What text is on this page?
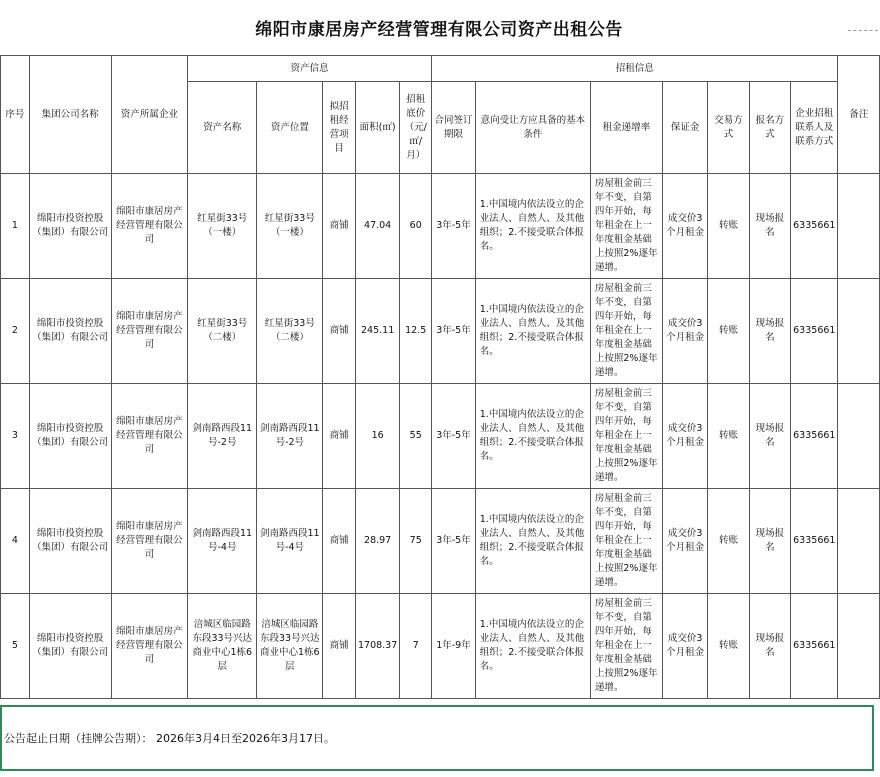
绵阳市康居房产经营管理有限公司资产出租公告
序号	集团公司名称	资产所属企业	资产信息					招租信息							备注
			资产名称	资产位置	拟招租经营项目	面积(㎡)	招租底价（元/㎡/月）	合同签订期限	意向受让方应具备的基本条件	租金递增率	保证金	交易方式	报名方式	企业招租联系人及联系方式	
1	绵阳市投资控股（集团）有限公司	绵阳市康居房产经营管理有限公司	红星街33号（一楼）	红星街33号（一楼）	商铺	47.04	60	3年-5年	1.中国境内依法设立的企业法人、自然人、及其他组织；2.不接受联合体报名。	房屋租金前三年不变，自第四年开始，每年租金在上一年度租金基础上按照2%逐年递增。	成交价3个月租金	转账	现场报名	6335661	
2	绵阳市投资控股（集团）有限公司	绵阳市康居房产经营管理有限公司	红星街33号（二楼）	红星街33号（二楼）	商铺	245.11	12.5	3年-5年	1.中国境内依法设立的企业法人、自然人、及其他组织；2.不接受联合体报名。	房屋租金前三年不变，自第四年开始，每年租金在上一年度租金基础上按照2%逐年递增。	成交价3个月租金	转账	现场报名	6335661	
3	绵阳市投资控股（集团）有限公司	绵阳市康居房产经营管理有限公司	剑南路西段11号-2号	剑南路西段11号-2号	商铺	16	55	3年-5年	1.中国境内依法设立的企业法人、自然人、及其他组织；2.不接受联合体报名。	房屋租金前三年不变，自第四年开始，每年租金在上一年度租金基础上按照2%逐年递增。	成交价3个月租金	转账	现场报名	6335661	
4	绵阳市投资控股（集团）有限公司	绵阳市康居房产经营管理有限公司	剑南路西段11号-4号	剑南路西段11号-4号	商铺	28.97	75	3年-5年	1.中国境内依法设立的企业法人、自然人、及其他组织；2.不接受联合体报名。	房屋租金前三年不变，自第四年开始，每年租金在上一年度租金基础上按照2%逐年递增。	成交价3个月租金	转账	现场报名	6335661	
5	绵阳市投资控股（集团）有限公司	绵阳市康居房产经营管理有限公司	涪城区临园路东段33号兴达商业中心1栋6层	涪城区临园路东段33号兴达商业中心1栋6层	商铺	1708.37	7	1年-9年	1.中国境内依法设立的企业法人、自然人、及其他组织；2.不接受联合体报名。	房屋租金前三年不变，自第四年开始，每年租金在上一年度租金基础上按照2%逐年递增。	成交价3个月租金	转账	现场报名	6335661	
公告起止日期（挂牌公告期）： 2026年3月4日至2026年3月17日。
